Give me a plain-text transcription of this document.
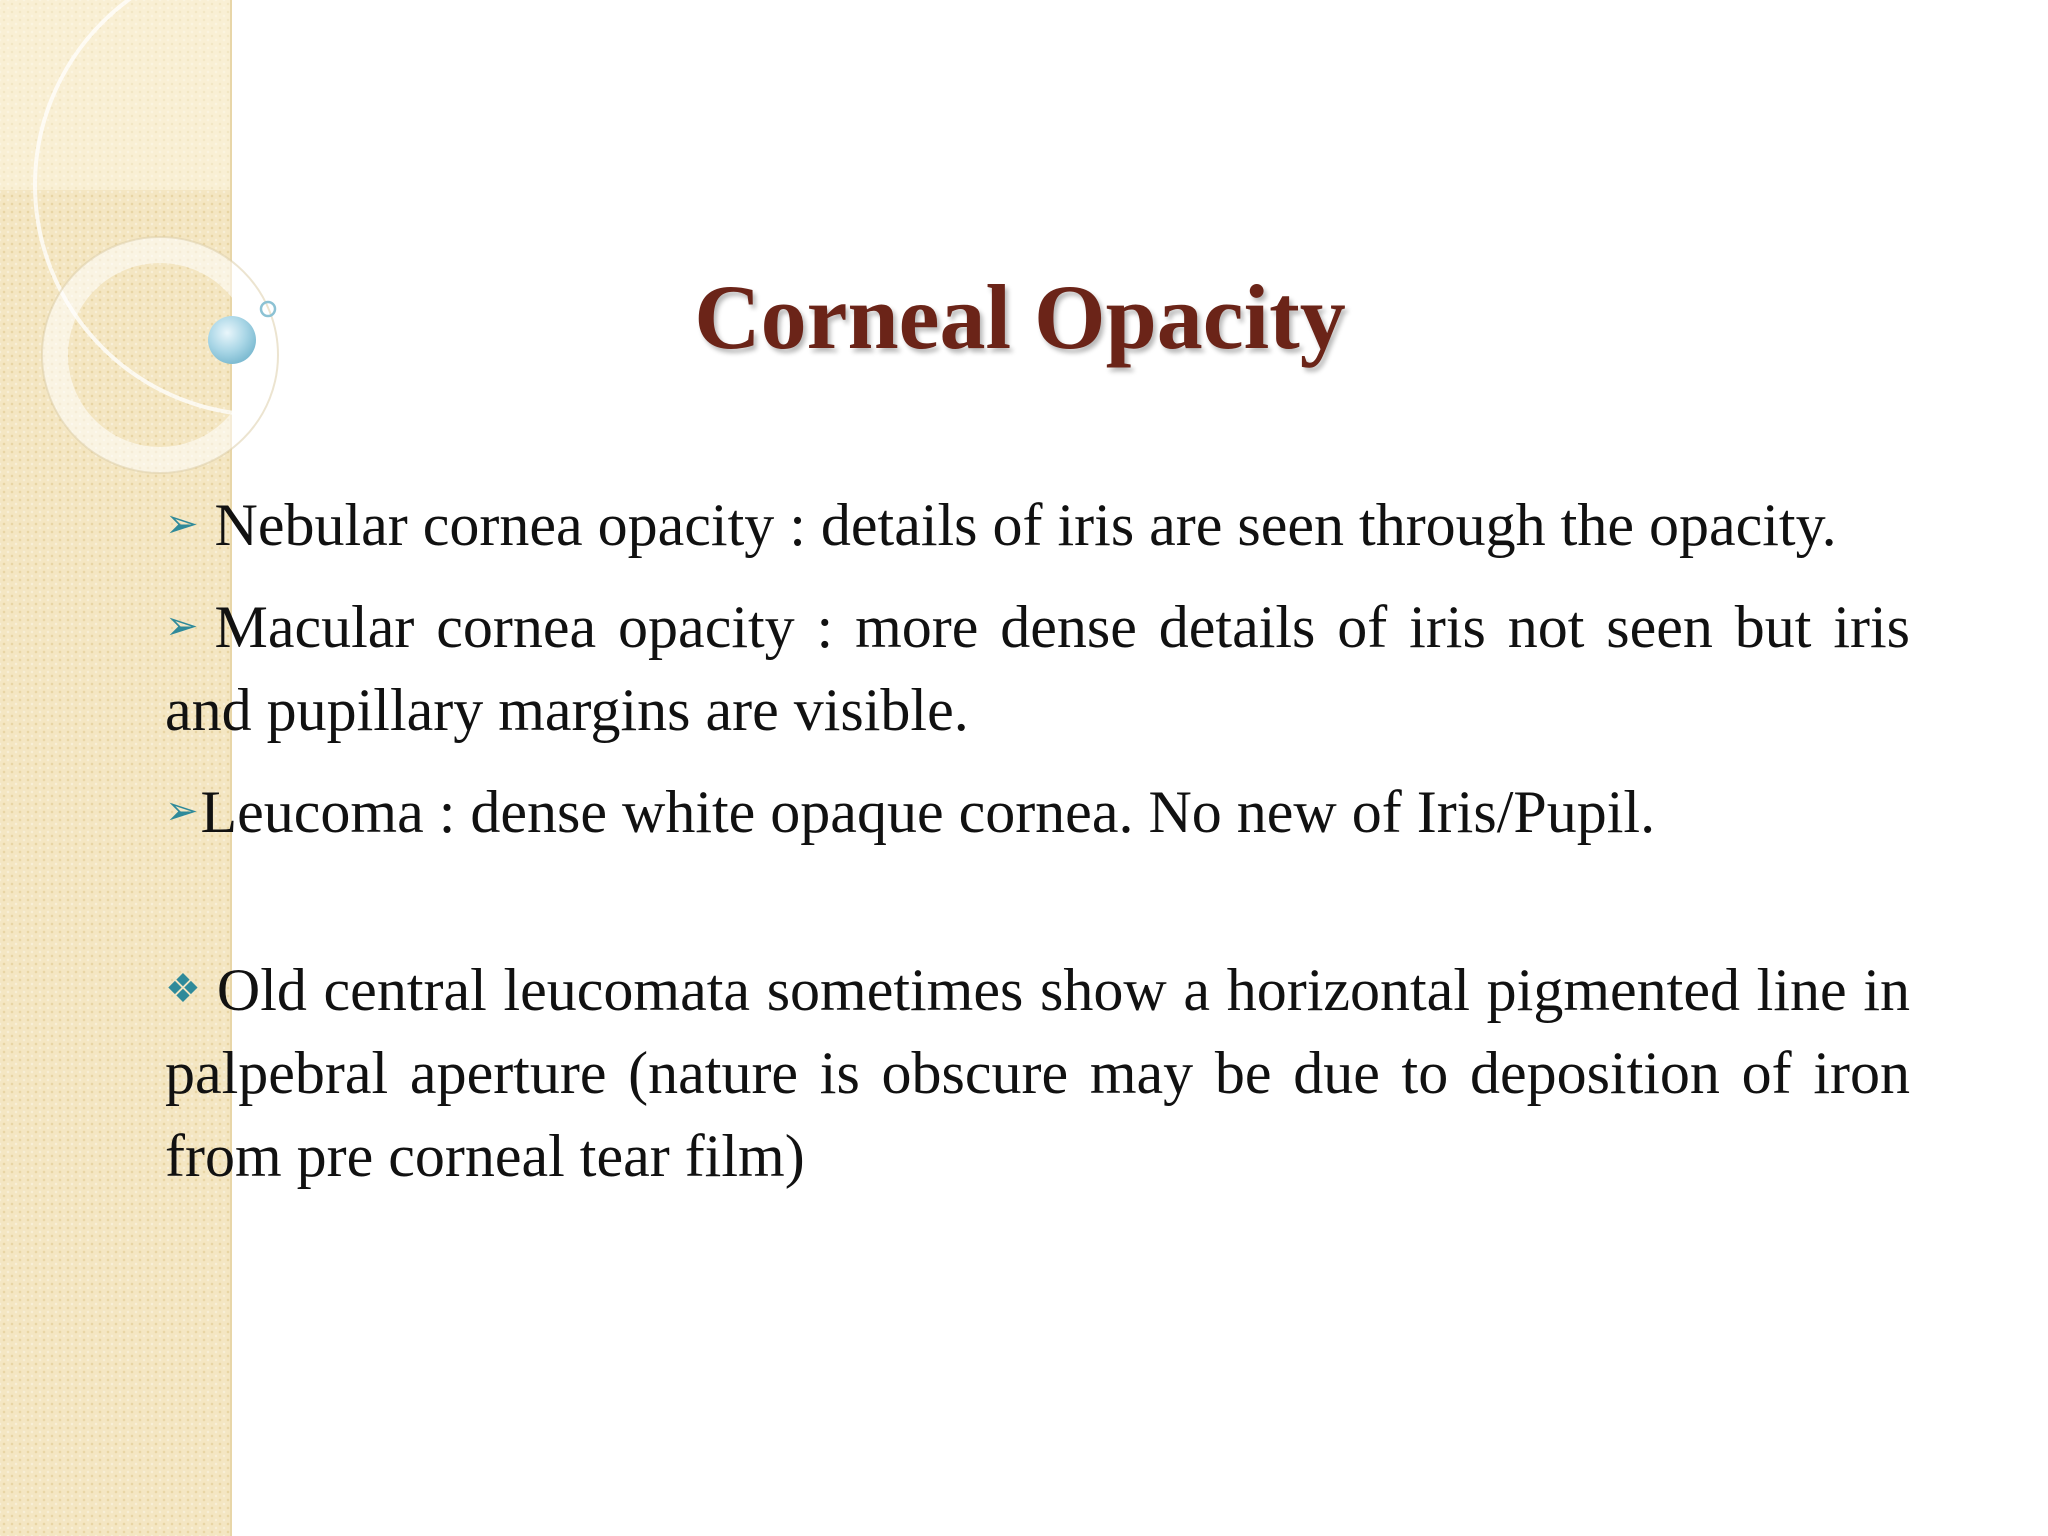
Corneal Opacity

➢ Nebular cornea opacity : details of iris are seen through the opacity.

➢ Macular cornea opacity : more dense details of iris not seen but iris and pupillary margins are visible.

➢Leucoma : dense white opaque cornea. No new of Iris/Pupil.

❖ Old central leucomata sometimes show a horizontal pigmented line in palpebral aperture (nature is obscure may be due to deposition of iron from pre corneal tear film)
